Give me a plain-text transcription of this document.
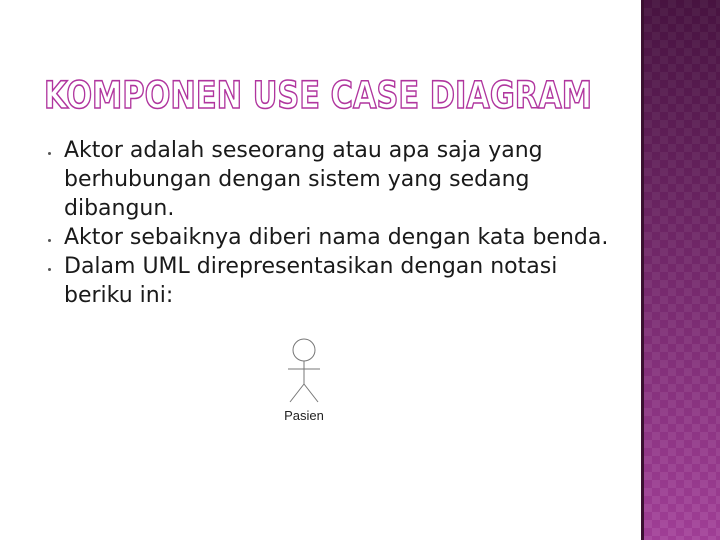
KOMPONEN USE CASE DIAGRAM
Aktor adalah seseorang atau apa saja yang berhubungan dengan sistem yang sedang dibangun.
Aktor sebaiknya diberi nama dengan kata benda.
Dalam UML direpresentasikan dengan notasi beriku ini:
Pasien
